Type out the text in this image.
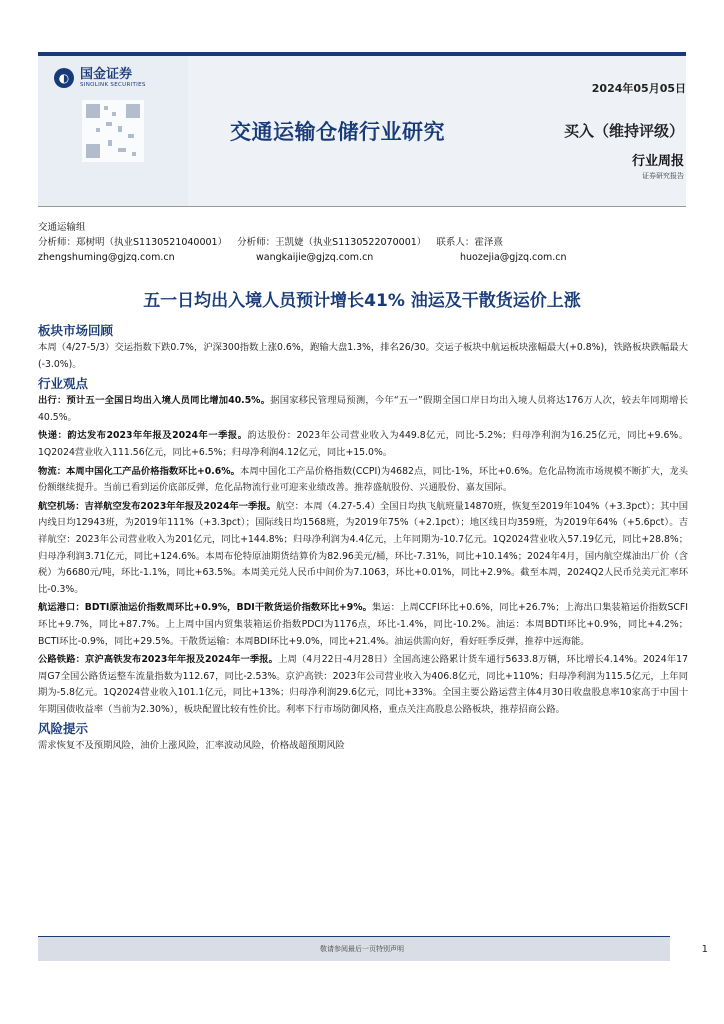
◐ 国金证券
SINOLINK SECURITIES	2024年05月05日
交通运输仓储行业研究	买入（维持评级）
行业周报
证券研究报告
交通运输组
分析师：郑树明（执业S1130521040001） 分析师：王凯婕（执业S1130522070001） 联系人：霍泽熹
zhengshuming@gjzq.com.cn	wangkaijie@gjzq.com.cn	huozejia@gjzq.com.cn
五一日均出入境人员预计增长41% 油运及干散货运价上涨
板块市场回顾

本周（4/27-5/3）交运指数下跌0.7%，沪深300指数上涨0.6%，跑输大盘1.3%，排名26/30。交运子板块中航运板块涨幅最大(+0.8%)，铁路板块跌幅最大(-3.0%)。

行业观点

出行：预计五一全国日均出入境人员同比增加40.5%。据国家移民管理局预测，今年“五一”假期全国口岸日均出入境人员将达176万人次，较去年同期增长40.5%。

快递：韵达发布2023年年报及2024年一季报。韵达股份：2023年公司营业收入为449.8亿元，同比-5.2%；归母净利润为16.25亿元，同比+9.6%。1Q2024营业收入111.56亿元，同比+6.5%；归母净利润4.12亿元，同比+15.0%。

物流：本周中国化工产品价格指数环比+0.6%。本周中国化工产品价格指数(CCPI)为4682点，同比-1%，环比+0.6%。危化品物流市场规模不断扩大，龙头份额继续提升。当前已看到运价底部反弹，危化品物流行业可迎来业绩改善。推荐盛航股份、兴通股份、嘉友国际。

航空机场：吉祥航空发布2023年年报及2024年一季报。航空：本周（4.27-5.4）全国日均执飞航班量14870班，恢复至2019年104%（+3.3pct）；其中国内线日均12943班，为2019年111%（+3.3pct）；国际线日均1568班，为2019年75%（+2.1pct）；地区线日均359班，为2019年64%（+5.6pct）。吉祥航空：2023年公司营业收入为201亿元，同比+144.8%；归母净利润为4.4亿元，上年同期为-10.7亿元。1Q2024营业收入57.19亿元，同比+28.8%；归母净利润3.71亿元，同比+124.6%。本周布伦特原油期货结算价为82.96美元/桶，环比-7.31%，同比+10.14%；2024年4月，国内航空煤油出厂价（含税）为6680元/吨，环比-1.1%，同比+63.5%。本周美元兑人民币中间价为7.1063，环比+0.01%，同比+2.9%。截至本周，2024Q2人民币兑美元汇率环比-0.3%。

航运港口：BDTI原油运价指数周环比+0.9%，BDI干散货运价指数环比+9%。集运：上周CCFI环比+0.6%，同比+26.7%；上海出口集装箱运价指数SCFI环比+9.7%，同比+87.7%。上上周中国内贸集装箱运价指数PDCI为1176点，环比-1.4%，同比-10.2%。油运：本周BDTI环比+0.9%，同比+4.2%；BCTI环比-0.9%，同比+29.5%。干散货运输：本周BDI环比+9.0%，同比+21.4%。油运供需向好，看好旺季反弹，推荐中远海能。

公路铁路：京沪高铁发布2023年年报及2024年一季报。上周（4月22日-4月28日）全国高速公路累计货车通行5633.8万辆，环比增长4.14%。2024年17周G7全国公路货运整车流量指数为112.67，同比-2.53%。京沪高铁：2023年公司营业收入为406.8亿元，同比+110%；归母净利润为115.5亿元，上年同期为-5.8亿元。1Q2024营业收入101.1亿元，同比+13%；归母净利润29.6亿元，同比+33%。全国主要公路运营主体4月30日收盘股息率10家高于中国十年期国债收益率（当前为2.30%），板块配置比较有性价比。利率下行市场防御风格，重点关注高股息公路板块，推荐招商公路。

风险提示

需求恢复不及预期风险，油价上涨风险，汇率波动风险，价格战超预期风险

敬请参阅最后一页特别声明	1
